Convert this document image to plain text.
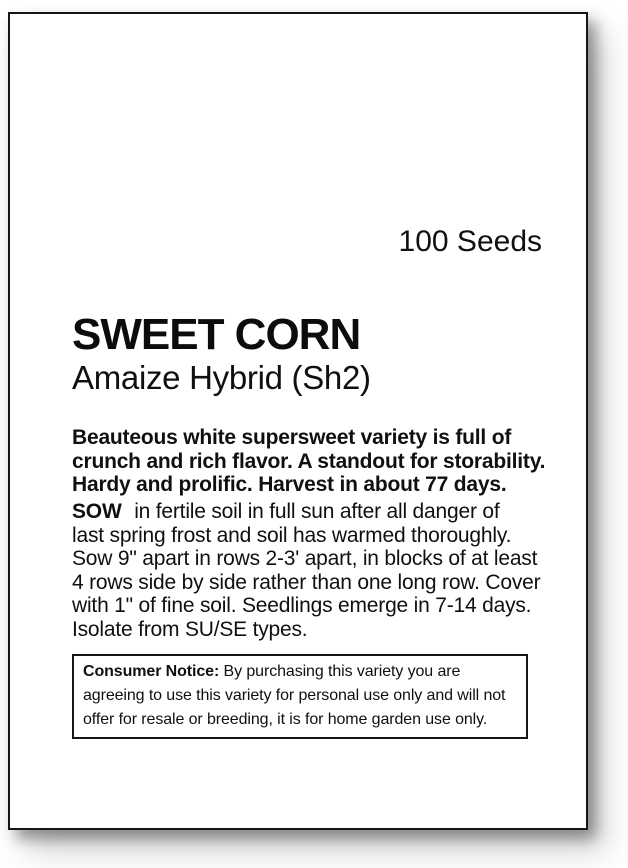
100 Seeds
SWEET CORN
Amaize Hybrid (Sh2)
Beauteous white supersweet variety is full of
crunch and rich flavor. A standout for storability.
Hardy and prolific. Harvest in about 77 days.
SOW in fertile soil in full sun after all danger of
last spring frost and soil has warmed thoroughly.
Sow 9" apart in rows 2-3' apart, in blocks of at least
4 rows side by side rather than one long row. Cover
with 1" of fine soil. Seedlings emerge in 7-14 days.
Isolate from SU/SE types.
Consumer Notice: By purchasing this variety you are
agreeing to use this variety for personal use only and will not
offer for resale or breeding, it is for home garden use only.
